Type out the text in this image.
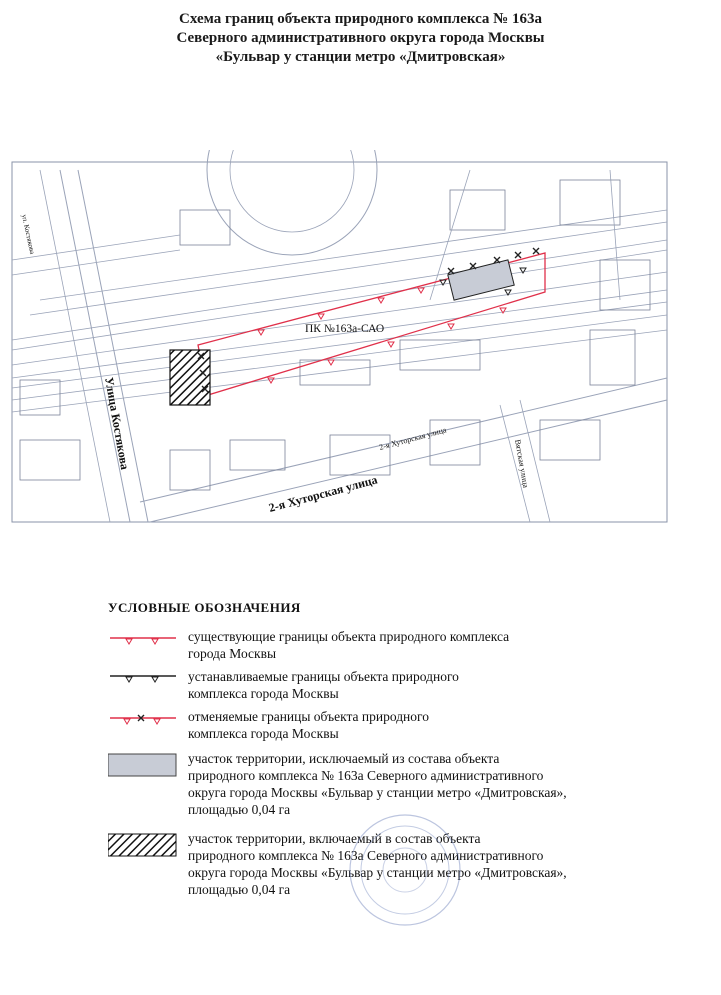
Схема границ объекта природного комплекса № 163а
Северного административного округа города Москвы
«Бульвар у станции метро «Дмитровская»
ПК №163а-САО
Улица Костякова
2-я Хуторская улица
2-я Хуторская улица
Вятская улица
ул. Костякова
УСЛОВНЫЕ ОБОЗНАЧЕНИЯ
существующие границы объекта природного комплекса
города Москвы
устанавливаемые границы объекта природного
комплекса города Москвы
отменяемые границы объекта природного
комплекса города Москвы
участок территории, исключаемый из состава объекта
природного комплекса № 163а Северного административного
округа города Москвы «Бульвар у станции метро «Дмитровская»,
площадью 0,04 га
участок территории, включаемый в состав объекта
природного комплекса № 163а Северного административного
округа города Москвы «Бульвар у станции метро «Дмитровская»,
площадью 0,04 га
